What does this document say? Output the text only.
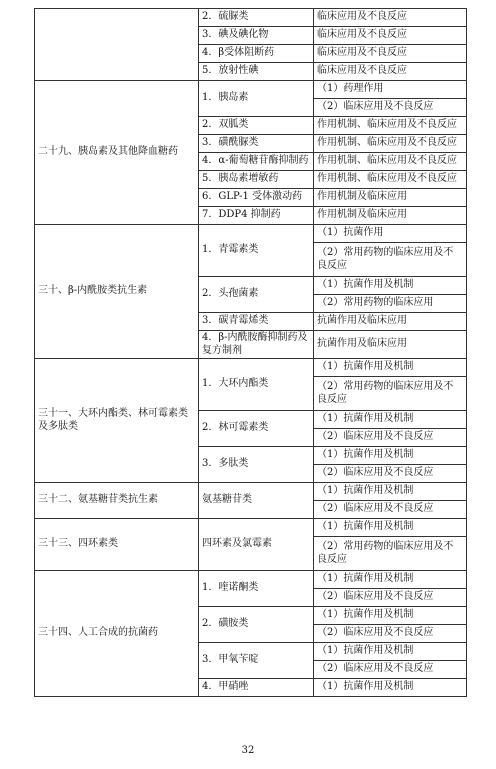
	2．硫脲类	临床应用及不良反应
	3．碘及碘化物	临床应用及不良反应
	4．β受体阻断药	临床应用及不良反应
	5．放射性碘	临床应用及不良反应
二十九、胰岛素及其他降血糖药	1．胰岛素	（1）药理作用
		（2）临床应用及不良反应
	2．双胍类	作用机制、临床应用及不良反应
	3．磺酰脲类	作用机制、临床应用及不良反应
	4．α-葡萄糖苷酶抑制药	作用机制、临床应用及不良反应
	5．胰岛素增敏药	作用机制、临床应用及不良反应
	6．GLP-1 受体激动药	作用机制及临床应用
	7．DDP4 抑制药	作用机制及临床应用
三十、β-内酰胺类抗生素	1．青霉素类	（1）抗菌作用
		（2）常用药物的临床应用及不良反应
	2．头孢菌素	（1）抗菌作用及机制
		（2）常用药物的临床应用
	3．碳青霉烯类	抗菌作用及临床应用
	4．β-内酰胺酶抑制药及复方制剂	抗菌作用及临床应用
三十一、大环内酯类、林可霉素类及多肽类	1．大环内酯类	（1）抗菌作用及机制
		（2）常用药物的临床应用及不良反应
	2．林可霉素类	（1）抗菌作用及机制
		（2）临床应用及不良反应
	3．多肽类	（1）抗菌作用及机制
		（2）临床应用及不良反应
三十二、氨基糖苷类抗生素	氨基糖苷类	（1）抗菌作用及机制
		（2）临床应用及不良反应
三十三、四环素类	四环素及氯霉素	（1）抗菌作用及机制
		（2）常用药物的临床应用及不良反应
三十四、人工合成的抗菌药	1．喹诺酮类	（1）抗菌作用及机制
		（2）临床应用及不良反应
	2．磺胺类	（1）抗菌作用及机制
		（2）临床应用及不良反应
	3．甲氧苄啶	（1）抗菌作用及机制
		（2）临床应用及不良反应
	4．甲硝唑	（1）抗菌作用及机制
32
